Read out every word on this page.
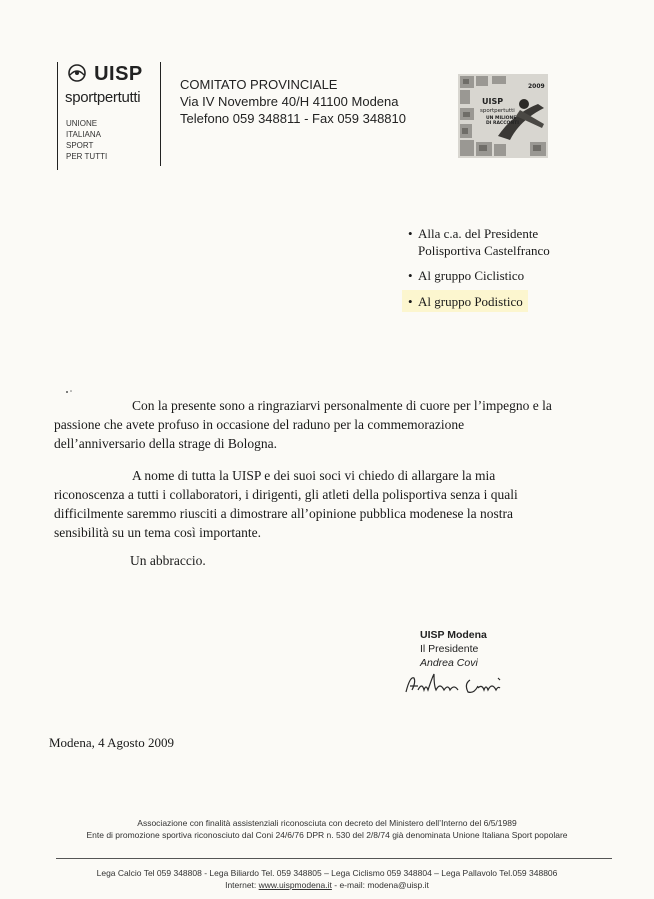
UISP
sportpertutti
UNIONE
ITALIANA
SPORT
PER TUTTI
COMITATO PROVINCIALE
Via IV Novembre 40/H 41100 Modena
Telefono 059 348811 - Fax 059 348810
2009
UISP
sportpertutti
UN MILIONE
DI RACCONTI
• Alla c.a. del Presidente
Polisportiva Castelfranco
• Al gruppo Ciclistico
• Al gruppo Podistico
Con la presente sono a ringraziarvi personalmente di cuore per l’impegno e la
passione che avete profuso in occasione del raduno per la commemorazione
dell’anniversario della strage di Bologna.
A nome di tutta la UISP e dei suoi soci vi chiedo di allargare la mia
riconoscenza a tutti i collaboratori, i dirigenti, gli atleti della polisportiva senza i quali
difficilmente saremmo riusciti a dimostrare all’opinione pubblica modenese la nostra
sensibilità su un tema così importante.
Un abbraccio.
UISP Modena
Il Presidente
Andrea Covi
Modena, 4 Agosto 2009
Associazione con finalità assistenziali riconosciuta con decreto del Ministero dell’Interno del 6/5/1989
Ente di promozione sportiva riconosciuto dal Coni 24/6/76 DPR n. 530 del 2/8/74 già denominata Unione Italiana Sport popolare
Lega Calcio Tel 059 348808 - Lega Biliardo Tel. 059 348805 – Lega Ciclismo 059 348804 – Lega Pallavolo Tel.059 348806
Internet: www.uispmodena.it - e-mail: modena@uisp.it
